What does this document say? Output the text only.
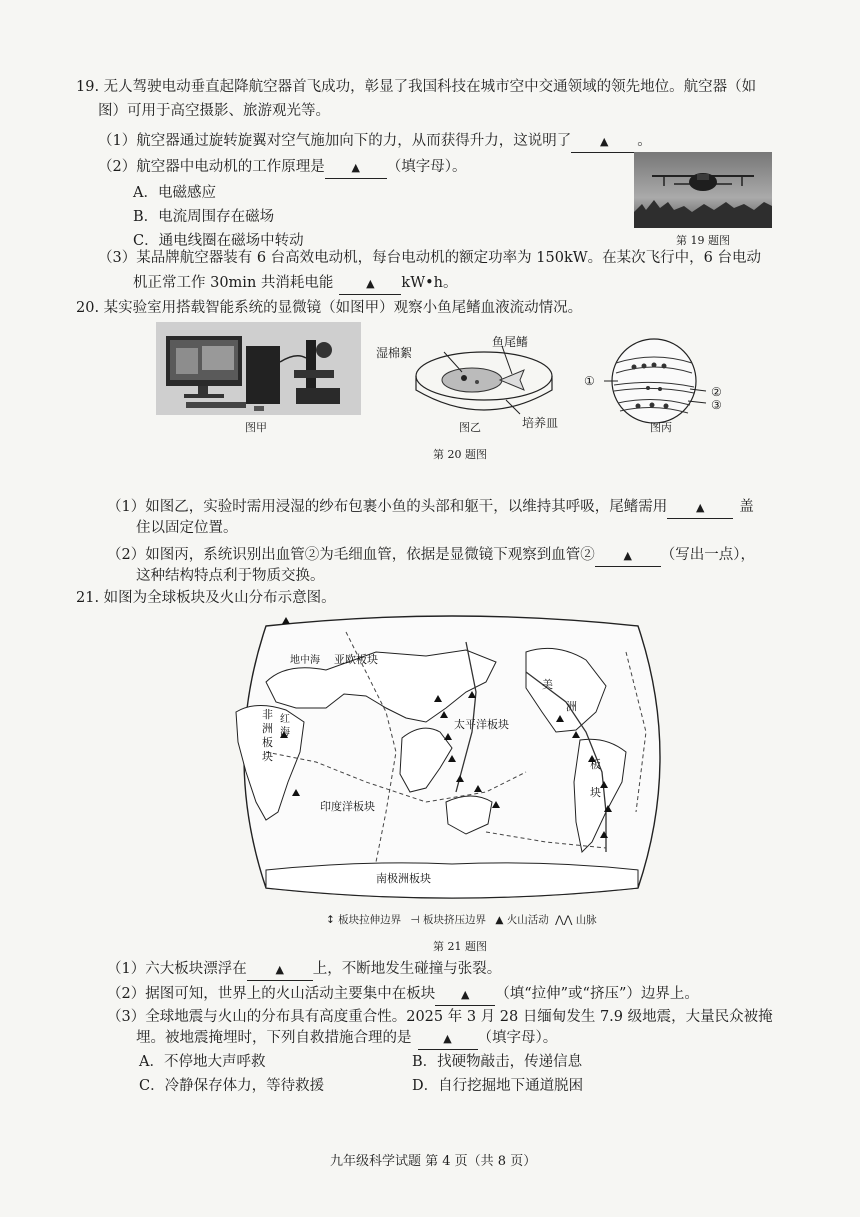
19. 无人驾驶电动垂直起降航空器首飞成功，彰显了我国科技在城市空中交通领域的领先地位。航空器（如
图）可用于高空摄影、旅游观光等。
（1）航空器通过旋转旋翼对空气施加向下的力，从而获得升力，这说明了	▲ 。
（2）航空器中电动机的工作原理是 ▲ （填字母）。
A．电磁感应
B．电流周围存在磁场
C．通电线圈在磁场中转动	第 19 题图
（3）某品牌航空器装有 6 台高效电动机，每台电动机的额定功率为 150kW。在某次飞行中，6 台电动
机正常工作 30min 共消耗电能	▲ kW•h。
20. 某实验室用搭载智能系统的显微镜（如图甲）观察小鱼尾鳍血液流动情况。
湿棉絮
鱼尾鳍
培养皿
①
②
③
图甲	图乙	图丙
第 20 题图
（1）如图乙，实验时需用浸湿的纱布包裹小鱼的头部和躯干，以维持其呼吸，尾鳍需用	▲ 盖
住以固定位置。
（2）如图丙，系统识别出血管②为毛细血管，依据是显微镜下观察到血管②	▲ （写出一点），
这种结构特点利于物质交换。
21. 如图为全球板块及火山分布示意图。
地中海 亚欧板块
非
洲
板
块
红
海
太平洋板块
美
洲
板
块
印度洋板块
南极洲板块
↕ 板块拉伸边界 ⊣ 板块挤压边界 ▲ 火山活动 ⋀⋀ 山脉
第 21 题图
（1）六大板块漂浮在	▲ 上，不断地发生碰撞与张裂。
（2）据图可知，世界上的火山活动主要集中在板块 ▲ （填“拉伸”或“挤压”）边界上。
（3）全球地震与火山的分布具有高度重合性。2025 年 3 月 28 日缅甸发生 7.9 级地震，大量民众被掩
埋。被地震掩埋时，下列自救措施合理的是	▲ （填字母）。
A．不停地大声呼救	B．找硬物敲击，传递信息
C．冷静保存体力，等待救援	D．自行挖掘地下通道脱困
九年级科学试题 第 4 页（共 8 页）
